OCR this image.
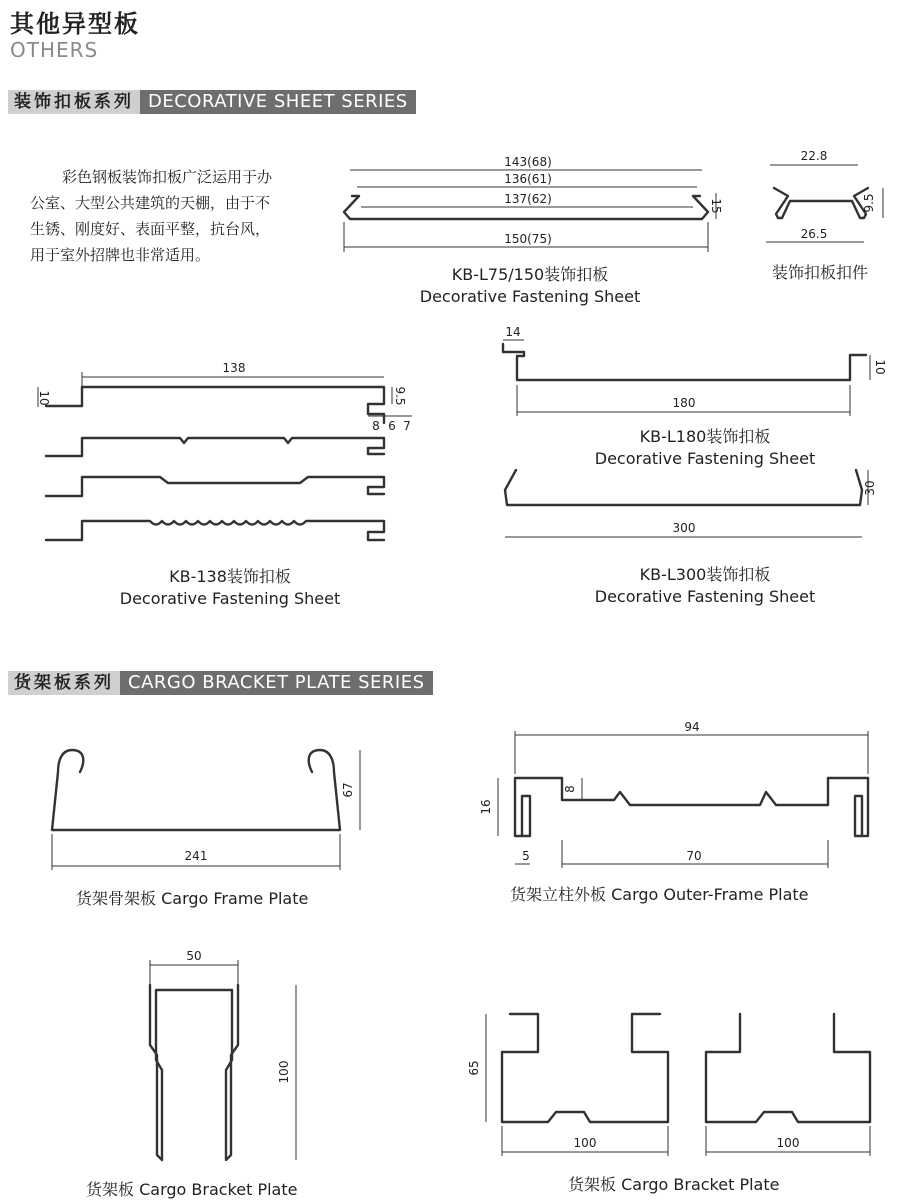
其他异型板
OTHERS
装饰扣板系列 DECORATIVE SHEET SERIES
彩色钢板装饰扣板广泛运用于办
公室、大型公共建筑的天棚，由于不
生锈、刚度好、表面平整，抗台风，
用于室外招牌也非常适用。
143(68)
136(61)
137(62)	15
150(75)
22.8
9.5
26.5
138
10	9.5
8 6 7
14
10
180
30
300
67
241
94
16
8
5	70
50
100	65
100	100
KB-L75/150装饰扣板
Decorative Fastening Sheet
装饰扣板扣件
KB-138装饰扣板
Decorative Fastening Sheet
KB-L180装饰扣板
Decorative Fastening Sheet
KB-L300装饰扣板
Decorative Fastening Sheet
货架板系列 CARGO BRACKET PLATE SERIES
货架骨架板 Cargo Frame Plate	货架立柱外板 Cargo Outer-Frame Plate
货架板 Cargo Bracket Plate	货架板 Cargo Bracket Plate
